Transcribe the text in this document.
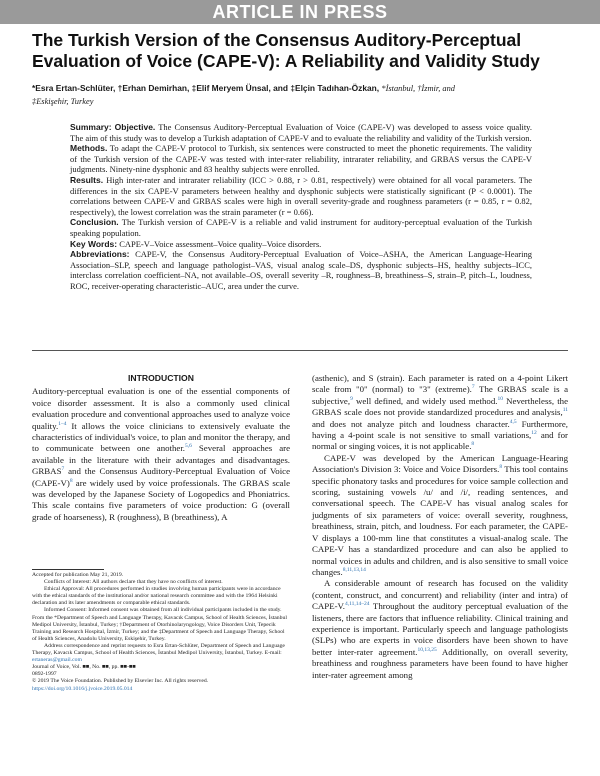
ARTICLE IN PRESS
The Turkish Version of the Consensus Auditory-Perceptual Evaluation of Voice (CAPE-V): A Reliability and Validity Study
*Esra Ertan-Schlüter, †Erhan Demirhan, ‡Elif Meryem Ünsal, and ‡Elçin Tadıhan-Özkan, *İstanbul, †İzmir, and
‡Eskişehir, Turkey

Summary: Objective. The Consensus Auditory-Perceptual Evaluation of Voice (CAPE-V) was developed to assess voice quality. The aim of this study was to develop a Turkish adaptation of CAPE-V and to evaluate the reliability and validity of the Turkish version.

Methods. To adapt the CAPE-V protocol to Turkish, six sentences were constructed to meet the phonetic requirements. The validity of the Turkish version of the CAPE-V was tested with inter-rater reliability, intrarater reliability, and GRBAS versus the CAPE-V judgments. Ninety-nine dysphonic and 83 healthy subjects were enrolled.

Results. High inter-rater and intrarater reliability (ICC > 0.88, r > 0.81, respectively) were obtained for all vocal parameters. The differences in the six CAPE-V parameters between healthy and dysphonic subjects were statistically significant (P < 0.0001). The correlations between CAPE-V and GRBAS scales were high in overall severity-grade and roughness parameters (r = 0.85, r = 0.82, respectively), the lowest correlation was the strain parameter (r = 0.66).

Conclusion. The Turkish version of CAPE-V is a reliable and valid instrument for auditory-perceptual evaluation of the Turkish speaking population.

Key Words: CAPE-V–Voice assessment–Voice quality–Voice disorders.

Abbreviations: CAPE-V, the Consensus Auditory-Perceptual Evaluation of Voice–ASHA, the American Language-Hearing Association–SLP, speech and language pathologist–VAS, visual analog scale–DS, dysphonic subjects–HS, healthy subjects–ICC, interclass correlation coefficient–NA, not available–OS, overall severity –R, roughness–B, breathiness–S, strain–P, pitch–L, loudness, ROC, receiver-operating characteristic–AUC, area under the curve.

INTRODUCTION

Auditory-perceptual evaluation is one of the essential components of voice disorder assessment. It is also a commonly used clinical evaluation procedure and conventional approaches used to analyze voice quality.$^{1-4}$ It allows the voice clinicians to extensively evaluate the characteristics of individual's voice, to plan and monitor the therapy, and to communicate between one another.$^{5,6}$ Several approaches are available in the literature with their advantages and disadvantages. GRBAS$^7$ and the Consensus Auditory-Perceptual Evaluation of Voice (CAPE-V)$^8$ are widely used by voice professionals. The GRBAS scale was developed by the Japanese Society of Logopedics and Phoniatrics. This scale contains five parameters of voice production: G (overall grade of hoarseness), R (roughness), B (breathiness), A

Accepted for publication May 21, 2019.

Conflicts of Interest: All authors declare that they have no conflicts of interest.

Ethical Approval: All procedures performed in studies involving human participants were in accordance with the ethical standards of the institutional and/or national research committee and with the 1964 Helsinki declaration and its later amendments or comparable ethical standards.

Informed Consent: Informed consent was obtained from all individual participants included in the study.

From the *Department of Speech and Language Therapy, Kavacık Campus, School of Health Sciences, İstanbul Medipol University, İstanbul, Turkey; †Department of Otorhinolaryngology, Voice Disorders Unit, Tepecik Training and Research Hospital, İzmir, Turkey; and the ‡Department of Speech and Language Therapy, School of Health Sciences, Anadolu University, Eskişehir, Turkey.

Address correspondence and reprint requests to Esra Ertan-Schlüter, Department of Speech and Language Therapy, Kavacık Campus, School of Health Sciences, İstanbul Medipol University, İstanbul, Turkey. E-mail: ertaneras@gmail.com

Journal of Voice, Vol. ■■, No. ■■, pp. ■■-■■

0892-1997

© 2019 The Voice Foundation. Published by Elsevier Inc. All rights reserved.

https://doi.org/10.1016/j.jvoice.2019.05.014

(asthenic), and S (strain). Each parameter is rated on a 4-point Likert scale from "0" (normal) to "3" (extreme).$^7$ The GRBAS scale is a subjective,$^9$ well defined, and widely used method.$^{10}$ Nevertheless, the GRBAS scale does not provide standardized procedures and analysis,$^{11}$ and does not analyze pitch and loudness character.$^{4,5}$ Furthermore, having a 4-point scale is not sensitive to small variations,$^{12}$ and for normal or singing voices, it is not applicable.$^8$

CAPE-V was developed by the American Language-Hearing Association's Division 3: Voice and Voice Disorders.$^8$ This tool contains specific phonatory tasks and procedures for voice sample collection and scoring, sustaining vowels /u/ and /i/, reading sentences, and conversational speech. The CAPE-V has visual analog scales for judgments of six parameters of voice: overall severity, roughness, breathiness, strain, pitch, and loudness. For each parameter, the CAPE-V displays a 100-mm line that constitutes a visual-analog scale. The CAPE-V has a standardized procedure and can also be applied to normal voices in adults and children, and is also sensitive to small voice changes.$^{8,11,13,14}$

A considerable amount of research has focused on the validity (content, construct, and concurrent) and reliability (inter and intra) of CAPE-V.$^{4,11,14-24}$ Throughout the auditory perceptual evaluation of the listeners, there are factors that influence reliability. Clinical training and experience is important. Particularly speech and language pathologists (SLPs) who are experts in voice disorders have been shown to have better inter-rater agreement.$^{10,13,25}$ Additionally, on overall severity, breathiness and roughness parameters have been found to have higher inter-rater agreement among
